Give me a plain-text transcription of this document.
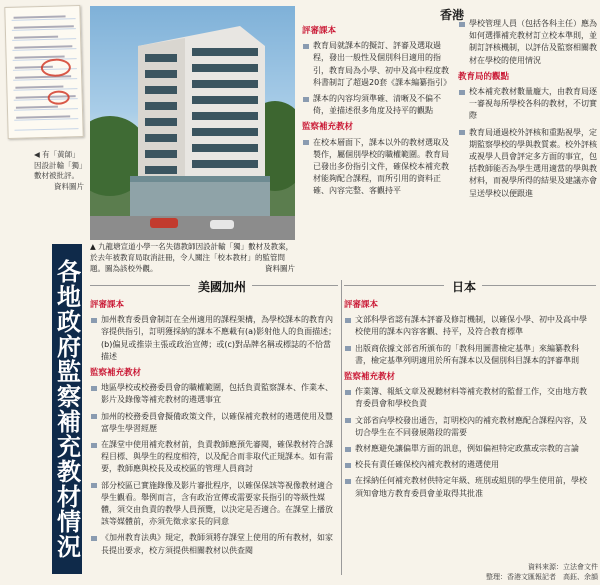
◀ 有「黃師」因設計輸「獨」數材被批評。
資料圖片
各地政府監察補充教材情況
▲ 九龍塘宣道小學一名失德教師因設計輸「獨」數材及教案，於去年被教育局取消註冊，令人關注「校本教材」的監管問題。圖為該校外觀。	資料圖片
香港
評審課本
教育局就課本的擬訂、評審及選取過程，發出一般性及個別科目適用的指引，教育局為小學、初中及高中程度教科書制訂了超過20套《課本編纂指引》
課本的內容均須準確、清晰及不偏不倚，並描述很多角度及持平的觀點
監察補充教材
在校本層面下，課本以外的教材選取及製作，屬個別學校的職權範圍。教育局已發出多份指引文件，確保校本補充教材能夠配合課程，而所引用的資料正確、內容完整、客觀持平
學校管理人員（包括各科主任）應為如何選擇補充教材訂立校本準則，並制訂評核機制，以評估及監察相關教材在學校的使用情況
教育局的觀點
校本補充教材數量龐大，由教育局逐一審視每所學校各科的教材，不切實際
教育局通過校外評核和重點視學，定期監察學校的學與教質素。校外評核或視學人員會評定多方面的事宜，包括教師能否為學生選用適當的學與教材料，而視學所得的結果及建議亦會呈送學校以便跟進
美國加州
評審課本
加州教育委員會制訂在全州適用的課程架構，為學校課本的教育內容提供指引，訂明獲採納的課本不應載有(a)影射他人的負面描述；(b)偏見或推崇主張或政治宣傳；或(c)對品牌名稱或標誌的不恰當描述
監察補充教材
地區學校或校務委員會的職權範圍，包括負責監察課本、作業本、影片及錄像等補充教材的遴選事宜
加州的校務委員會擬備政策文件，以確保補充教材的遴選使用及豐富學生學習經歷
在課堂中使用補充教材前，負責教師應預先審閱，確保教材符合課程目標、與學生的程度相符，以及配合而非取代正規課本。如有需要，教師應與校長及或校區的管理人員商討
部分校區已實施錄像及影片審批程序，以確保保該等視像教材適合學生觀看。舉例而言，含有政治宣傳或需要家長指引的等級性媒體，須交由負責的教學人員預覽，以決定是否適合。在課堂上播放該等媒體前，亦須先徵求家長的同意
《加州教育法典》規定，教師須將存課堂上使用的所有教材，如家長提出要求，校方須提供相關教材以供查閱
日本
評審課本
文部科學省認有課本評審及修訂機制，以確保小學、初中及高中學校使用的課本內容客觀、持平，及符合教育標準
出版商依據文部省所頒布的「教科用圖書檢定基準」來編纂教科書，檢定基準列明適用於所有課本以及個別科目課本的評審準則
監察補充教材
作業簿、報紙文章及視聽材料等補充教材的監督工作，交由地方教育委員會和學校負責
文部省向學校發出通告，訂明校內的補充教材應配合課程內容，及切合學生在不同發展階段的需要
教材應避免讓偏單方面的訊息，例如偏袒特定政黨或宗教的言論
校長有責任確保校內補充教材的遴選使用
在採納任何補充教材供特定年級、班別或組別的學生使用前，學校須知會地方教育委員會並取得其批准
資料來源：立法會文件
整理：香港文匯報記者　高鈺、余韻
